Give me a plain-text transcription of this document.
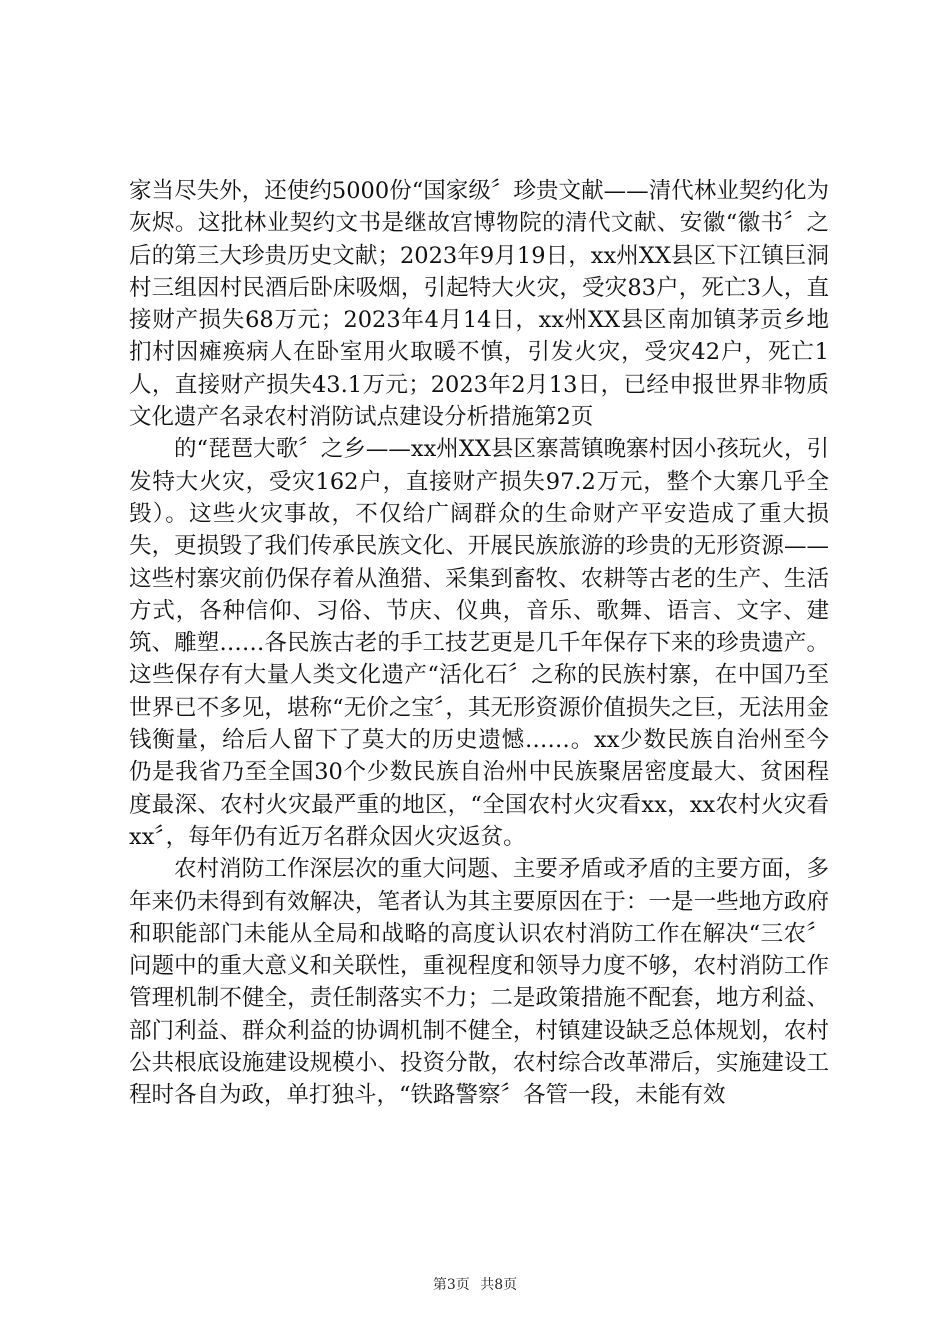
家当尽失外，还使约5000份“国家级〞珍贵文献——清代林业契约化为灰烬。这批林业契约文书是继故宫博物院的清代文献、安徽“徽书〞之后的第三大珍贵历史文献；2023年9月19日，xx州XX县区下江镇巨洞村三组因村民酒后卧床吸烟，引起特大火灾，受灾83户，死亡3人，直接财产损失68万元；2023年4月14日，xx州XX县区南加镇茅贡乡地扪村因瘫痪病人在卧室用火取暖不慎，引发火灾，受灾42户，死亡1人，直接财产损失43.1万元；2023年2月13日，已经申报世界非物质文化遗产名录农村消防试点建设分析措施第2页

的“琵琶大歌〞之乡——xx州XX县区寨蒿镇晚寨村因小孩玩火，引发特大火灾，受灾162户，直接财产损失97.2万元，整个大寨几乎全毁）。这些火灾事故，不仅给广阔群众的生命财产平安造成了重大损失，更损毁了我们传承民族文化、开展民族旅游的珍贵的无形资源——这些村寨灾前仍保存着从渔猎、采集到畜牧、农耕等古老的生产、生活方式，各种信仰、习俗、节庆、仪典，音乐、歌舞、语言、文字、建筑、雕塑……各民族古老的手工技艺更是几千年保存下来的珍贵遗产。这些保存有大量人类文化遗产“活化石〞之称的民族村寨，在中国乃至世界已不多见，堪称“无价之宝〞，其无形资源价值损失之巨，无法用金钱衡量，给后人留下了莫大的历史遗憾……。xx少数民族自治州至今仍是我省乃至全国30个少数民族自治州中民族聚居密度最大、贫困程度最深、农村火灾最严重的地区，“全国农村火灾看xx，xx农村火灾看xx〞，每年仍有近万名群众因火灾返贫。

农村消防工作深层次的重大问题、主要矛盾或矛盾的主要方面，多年来仍未得到有效解决，笔者认为其主要原因在于：一是一些地方政府和职能部门未能从全局和战略的高度认识农村消防工作在解决“三农〞问题中的重大意义和关联性，重视程度和领导力度不够，农村消防工作管理机制不健全，责任制落实不力；二是政策措施不配套，地方利益、部门利益、群众利益的协调机制不健全，村镇建设缺乏总体规划，农村公共根底设施建设规模小、投资分散，农村综合改革滞后，实施建设工程时各自为政，单打独斗，“铁路警察〞各管一段，未能有效

第3页 共8页
